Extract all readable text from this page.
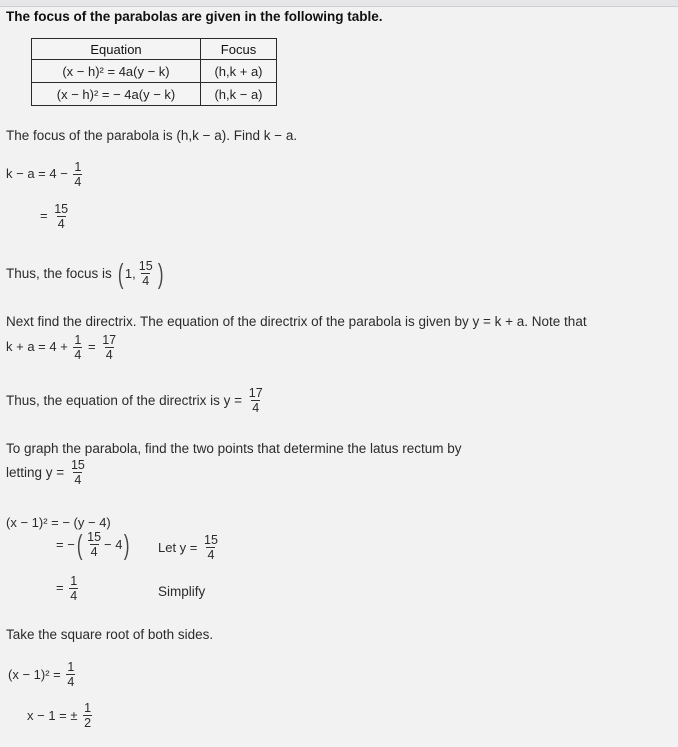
The focus of the parabolas are given in the following table.
Equation	Focus
(x − h)² = 4a(y − k)	(h,k + a)
(x − h)² = − 4a(y − k)	(h,k − a)
The focus of the parabola is (h,k − a). Find k − a.
$k - a = 4 - \frac{1}{4}$
= $\frac{15}{4}$
Thus, the focus is ( 1, $\frac{15}{4}$ )
Next find the directrix. The equation of the directrix of the parabola is given by y = k + a. Note that
$k + a = 4 + \frac{1}{4} = \frac{17}{4}$
Thus, the equation of the directrix is $y = \frac{17}{4}$
To graph the parabola, find the two points that determine the latus rectum by
letting $y = \frac{15}{4}$
(x − 1)² = − (y − 4)
= − ( $\frac{15}{4} - 4$ ) Let $y = \frac{15}{4}$
= $\frac{1}{4}$	Simplify
Take the square root of both sides.
$(x - 1)^2 = \frac{1}{4}$
x − 1 = ± $\frac{1}{2}$
